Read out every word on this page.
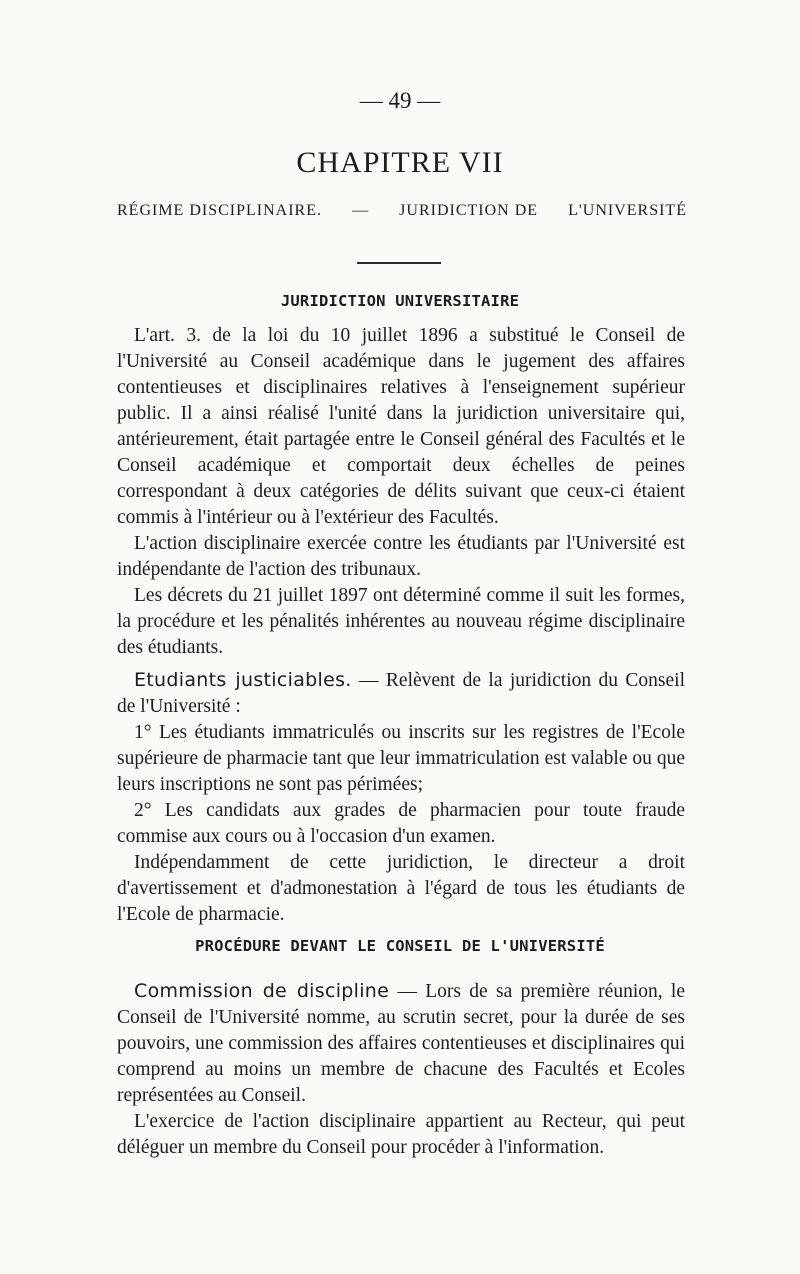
— 49 —
CHAPITRE VII
RÉGIME DISCIPLINAIRE. — JURIDICTION DE L'UNIVERSITÉ
JURIDICTION UNIVERSITAIRE

L'art. 3. de la loi du 10 juillet 1896 a substitué le Conseil de l'Université au Conseil académique dans le jugement des affaires contentieuses et disciplinaires relatives à l'enseignement supérieur public. Il a ainsi réalisé l'unité dans la juridiction universitaire qui, antérieurement, était partagée entre le Conseil général des Facultés et le Conseil académique et comportait deux échelles de peines correspondant à deux catégories de délits suivant que ceux-ci étaient commis à l'intérieur ou à l'extérieur des Facultés.

L'action disciplinaire exercée contre les étudiants par l'Université est indépendante de l'action des tribunaux.

Les décrets du 21 juillet 1897 ont déterminé comme il suit les formes, la procédure et les pénalités inhérentes au nouveau régime disciplinaire des étudiants.

Etudiants justiciables. — Relèvent de la juridiction du Conseil de l'Université :

1° Les étudiants immatriculés ou inscrits sur les registres de l'Ecole supérieure de pharmacie tant que leur immatriculation est valable ou que leurs inscriptions ne sont pas périmées;

2° Les candidats aux grades de pharmacien pour toute fraude commise aux cours ou à l'occasion d'un examen.

Indépendamment de cette juridiction, le directeur a droit d'avertissement et d'admonestation à l'égard de tous les étudiants de l'Ecole de pharmacie.

PROCÉDURE DEVANT LE CONSEIL DE L'UNIVERSITÉ

Commission de discipline — Lors de sa première réunion, le Conseil de l'Université nomme, au scrutin secret, pour la durée de ses pouvoirs, une commission des affaires contentieuses et disciplinaires qui comprend au moins un membre de chacune des Facultés et Ecoles représentées au Conseil.

L'exercice de l'action disciplinaire appartient au Recteur, qui peut déléguer un membre du Conseil pour procéder à l'information.
